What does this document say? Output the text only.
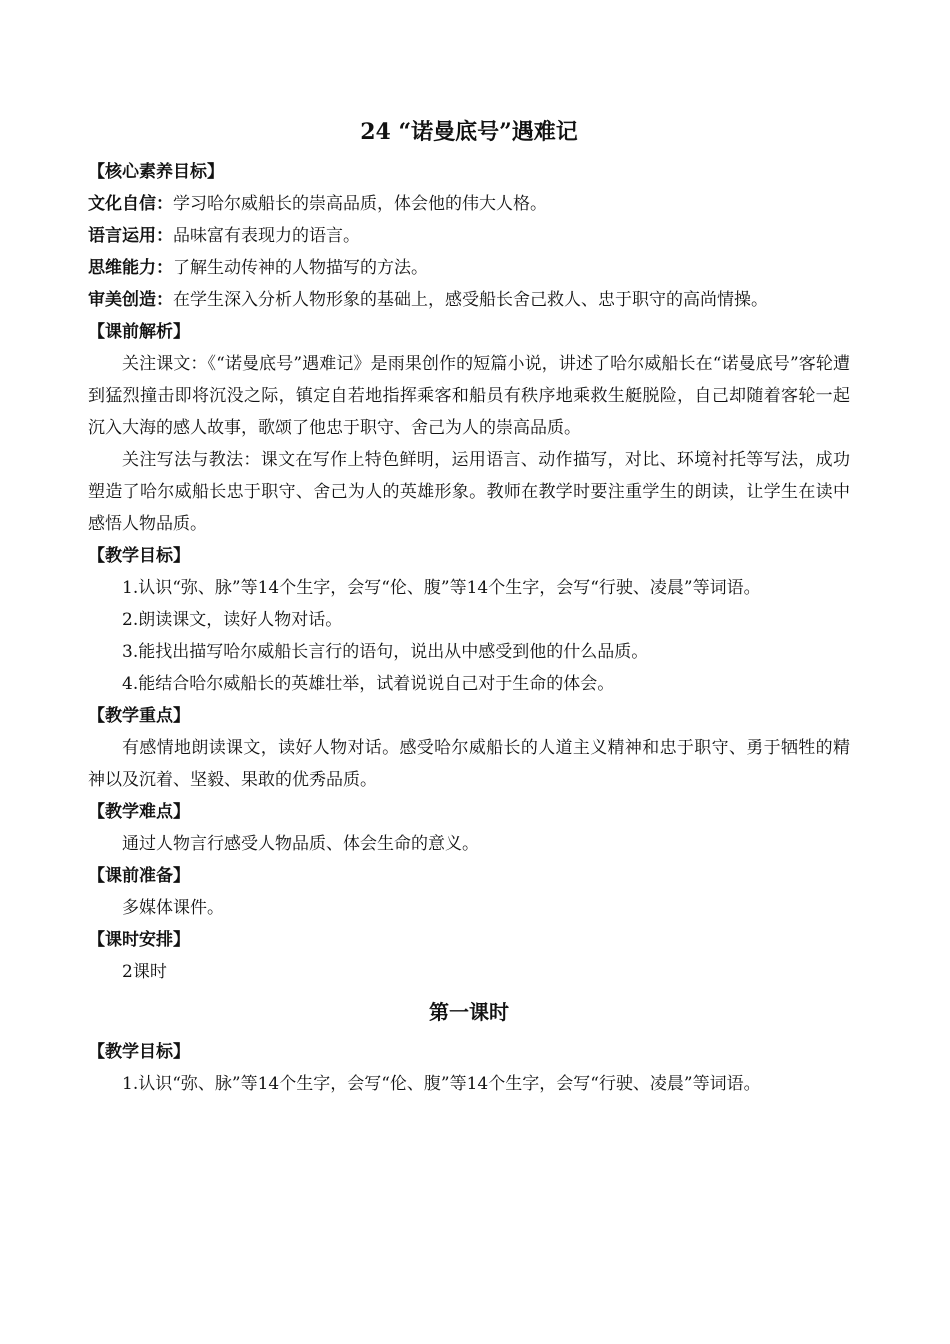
24 “诺曼底号”遇难记

【核心素养目标】

文化自信：学习哈尔威船长的崇高品质，体会他的伟大人格。

语言运用：品味富有表现力的语言。

思维能力：了解生动传神的人物描写的方法。

审美创造：在学生深入分析人物形象的基础上，感受船长舍己救人、忠于职守的高尚情操。

【课前解析】

关注课文：《“诺曼底号”遇难记》是雨果创作的短篇小说，讲述了哈尔威船长在“诺曼底号”客轮遭到猛烈撞击即将沉没之际，镇定自若地指挥乘客和船员有秩序地乘救生艇脱险，自己却随着客轮一起沉入大海的感人故事，歌颂了他忠于职守、舍己为人的崇高品质。

关注写法与教法：课文在写作上特色鲜明，运用语言、动作描写，对比、环境衬托等写法，成功塑造了哈尔威船长忠于职守、舍己为人的英雄形象。教师在教学时要注重学生的朗读，让学生在读中感悟人物品质。

【教学目标】

1.认识“弥、脉”等14个生字，会写“伦、腹”等14个生字，会写“行驶、凌晨”等词语。

2.朗读课文，读好人物对话。

3.能找出描写哈尔威船长言行的语句，说出从中感受到他的什么品质。

4.能结合哈尔威船长的英雄壮举，试着说说自己对于生命的体会。

【教学重点】

有感情地朗读课文，读好人物对话。感受哈尔威船长的人道主义精神和忠于职守、勇于牺牲的精神以及沉着、坚毅、果敢的优秀品质。

【教学难点】

通过人物言行感受人物品质、体会生命的意义。

【课前准备】

多媒体课件。

【课时安排】

2课时

第一课时

【教学目标】

1.认识“弥、脉”等14个生字，会写“伦、腹”等14个生字，会写“行驶、凌晨”等词语。
